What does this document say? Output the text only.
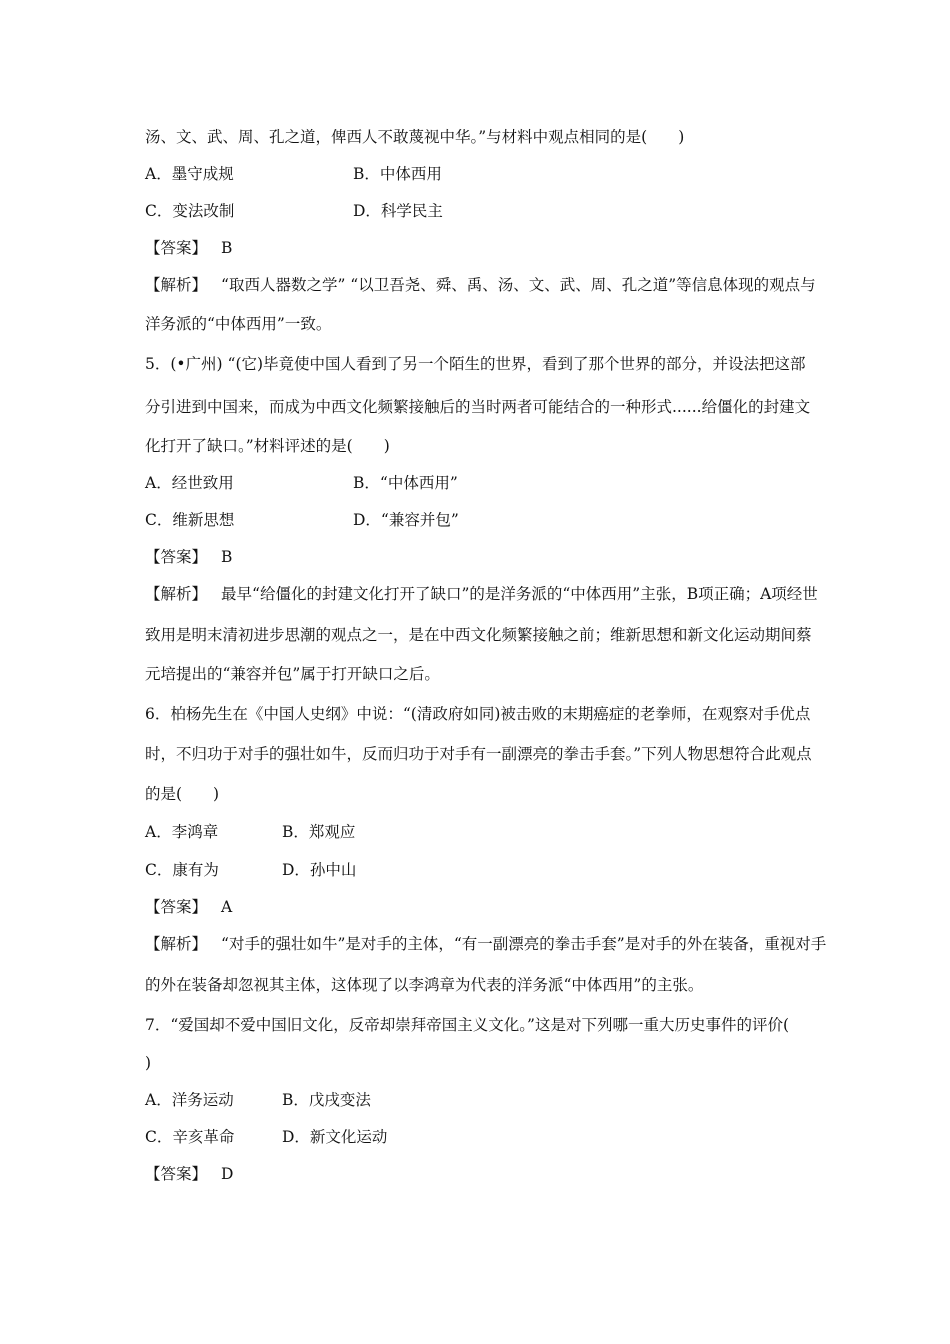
汤、文、武、周、孔之道，俾西人不敢蔑视中华。”与材料中观点相同的是(　　)
A．墨守成规	B．中体西用
C．变法改制	D．科学民主
【答案】 B
【解析】 “取西人器数之学” “以卫吾尧、舜、禹、汤、文、武、周、孔之道”等信息体现的观点与
洋务派的“中体西用”一致。
5．(•广州) “(它)毕竟使中国人看到了另一个陌生的世界，看到了那个世界的部分，并设法把这部
分引进到中国来，而成为中西文化频繁接触后的当时两者可能结合的一种形式......给僵化的封建文
化打开了缺口。”材料评述的是(　　)
A．经世致用	B．“中体西用”
C．维新思想	D．“兼容并包”
【答案】 B
【解析】 最早“给僵化的封建文化打开了缺口”的是洋务派的“中体西用”主张，B项正确；A项经世
致用是明末清初进步思潮的观点之一，是在中西文化频繁接触之前；维新思想和新文化运动期间蔡
元培提出的“兼容并包”属于打开缺口之后。
6．柏杨先生在《中国人史纲》中说：“(清政府如同)被击败的末期癌症的老拳师，在观察对手优点
时，不归功于对手的强壮如牛，反而归功于对手有一副漂亮的拳击手套。”下列人物思想符合此观点
的是(　　)
A．李鸿章	B．郑观应
C．康有为	D．孙中山
【答案】 A
【解析】 “对手的强壮如牛”是对手的主体，“有一副漂亮的拳击手套”是对手的外在装备，重视对手
的外在装备却忽视其主体，这体现了以李鸿章为代表的洋务派“中体西用”的主张。
7．“爱国却不爱中国旧文化，反帝却崇拜帝国主义文化。”这是对下列哪一重大历史事件的评价(
)
A．洋务运动	B．戊戌变法
C．辛亥革命	D．新文化运动
【答案】 D
